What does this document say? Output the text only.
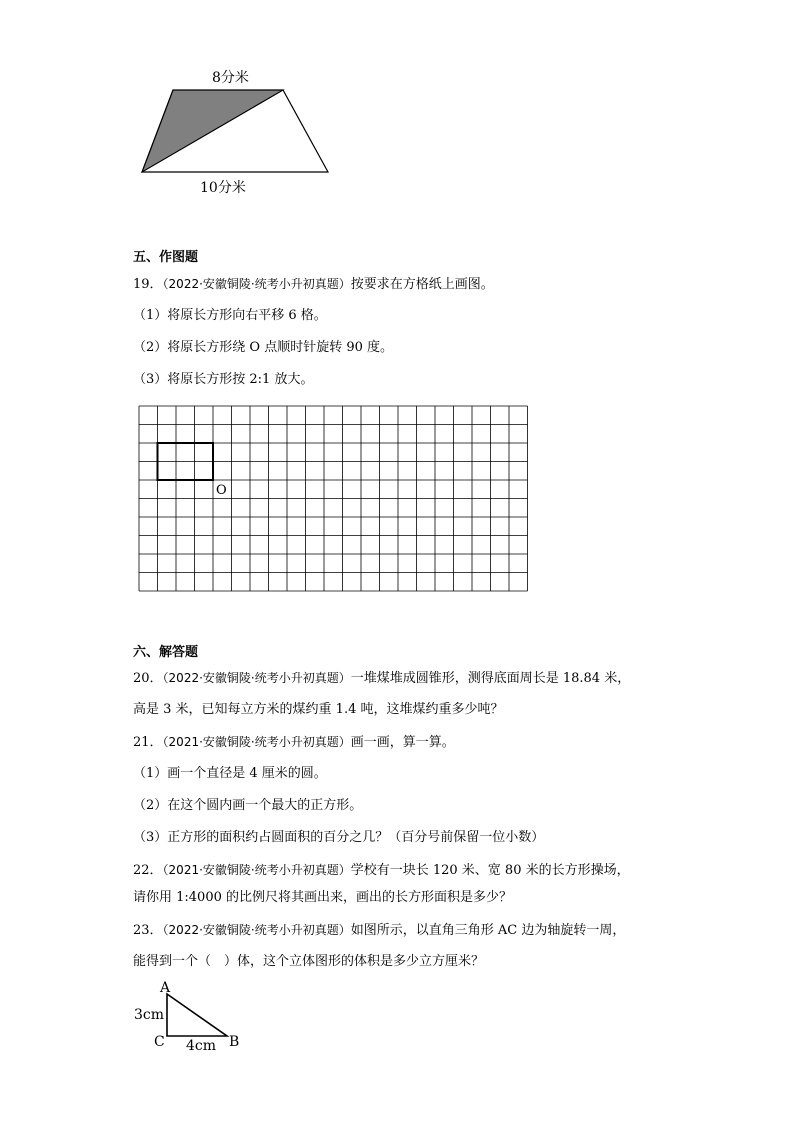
8分米
10分米
五、作图题
19．（2022·安徽铜陵·统考小升初真题）按要求在方格纸上画图。
（1）将原长方形向右平移 6 格。
（2）将原长方形绕 O 点顺时针旋转 90 度。
（3）将原长方形按 2:1 放大。
O
六、解答题
20．（2022·安徽铜陵·统考小升初真题）一堆煤堆成圆锥形，测得底面周长是 18.84 米，
高是 3 米，已知每立方米的煤约重 1.4 吨，这堆煤约重多少吨？
21．（2021·安徽铜陵·统考小升初真题）画一画，算一算。
（1）画一个直径是 4 厘米的圆。
（2）在这个圆内画一个最大的正方形。
（3）正方形的面积约占圆面积的百分之几？（百分号前保留一位小数）
22．（2021·安徽铜陵·统考小升初真题）学校有一块长 120 米、宽 80 米的长方形操场，
请你用 1:4000 的比例尺将其画出来，画出的长方形面积是多少？
23．（2022·安徽铜陵·统考小升初真题）如图所示，以直角三角形 AC 边为轴旋转一周，
能得到一个（　）体，这个立体图形的体积是多少立方厘米？
A
B
C
3cm
4cm
